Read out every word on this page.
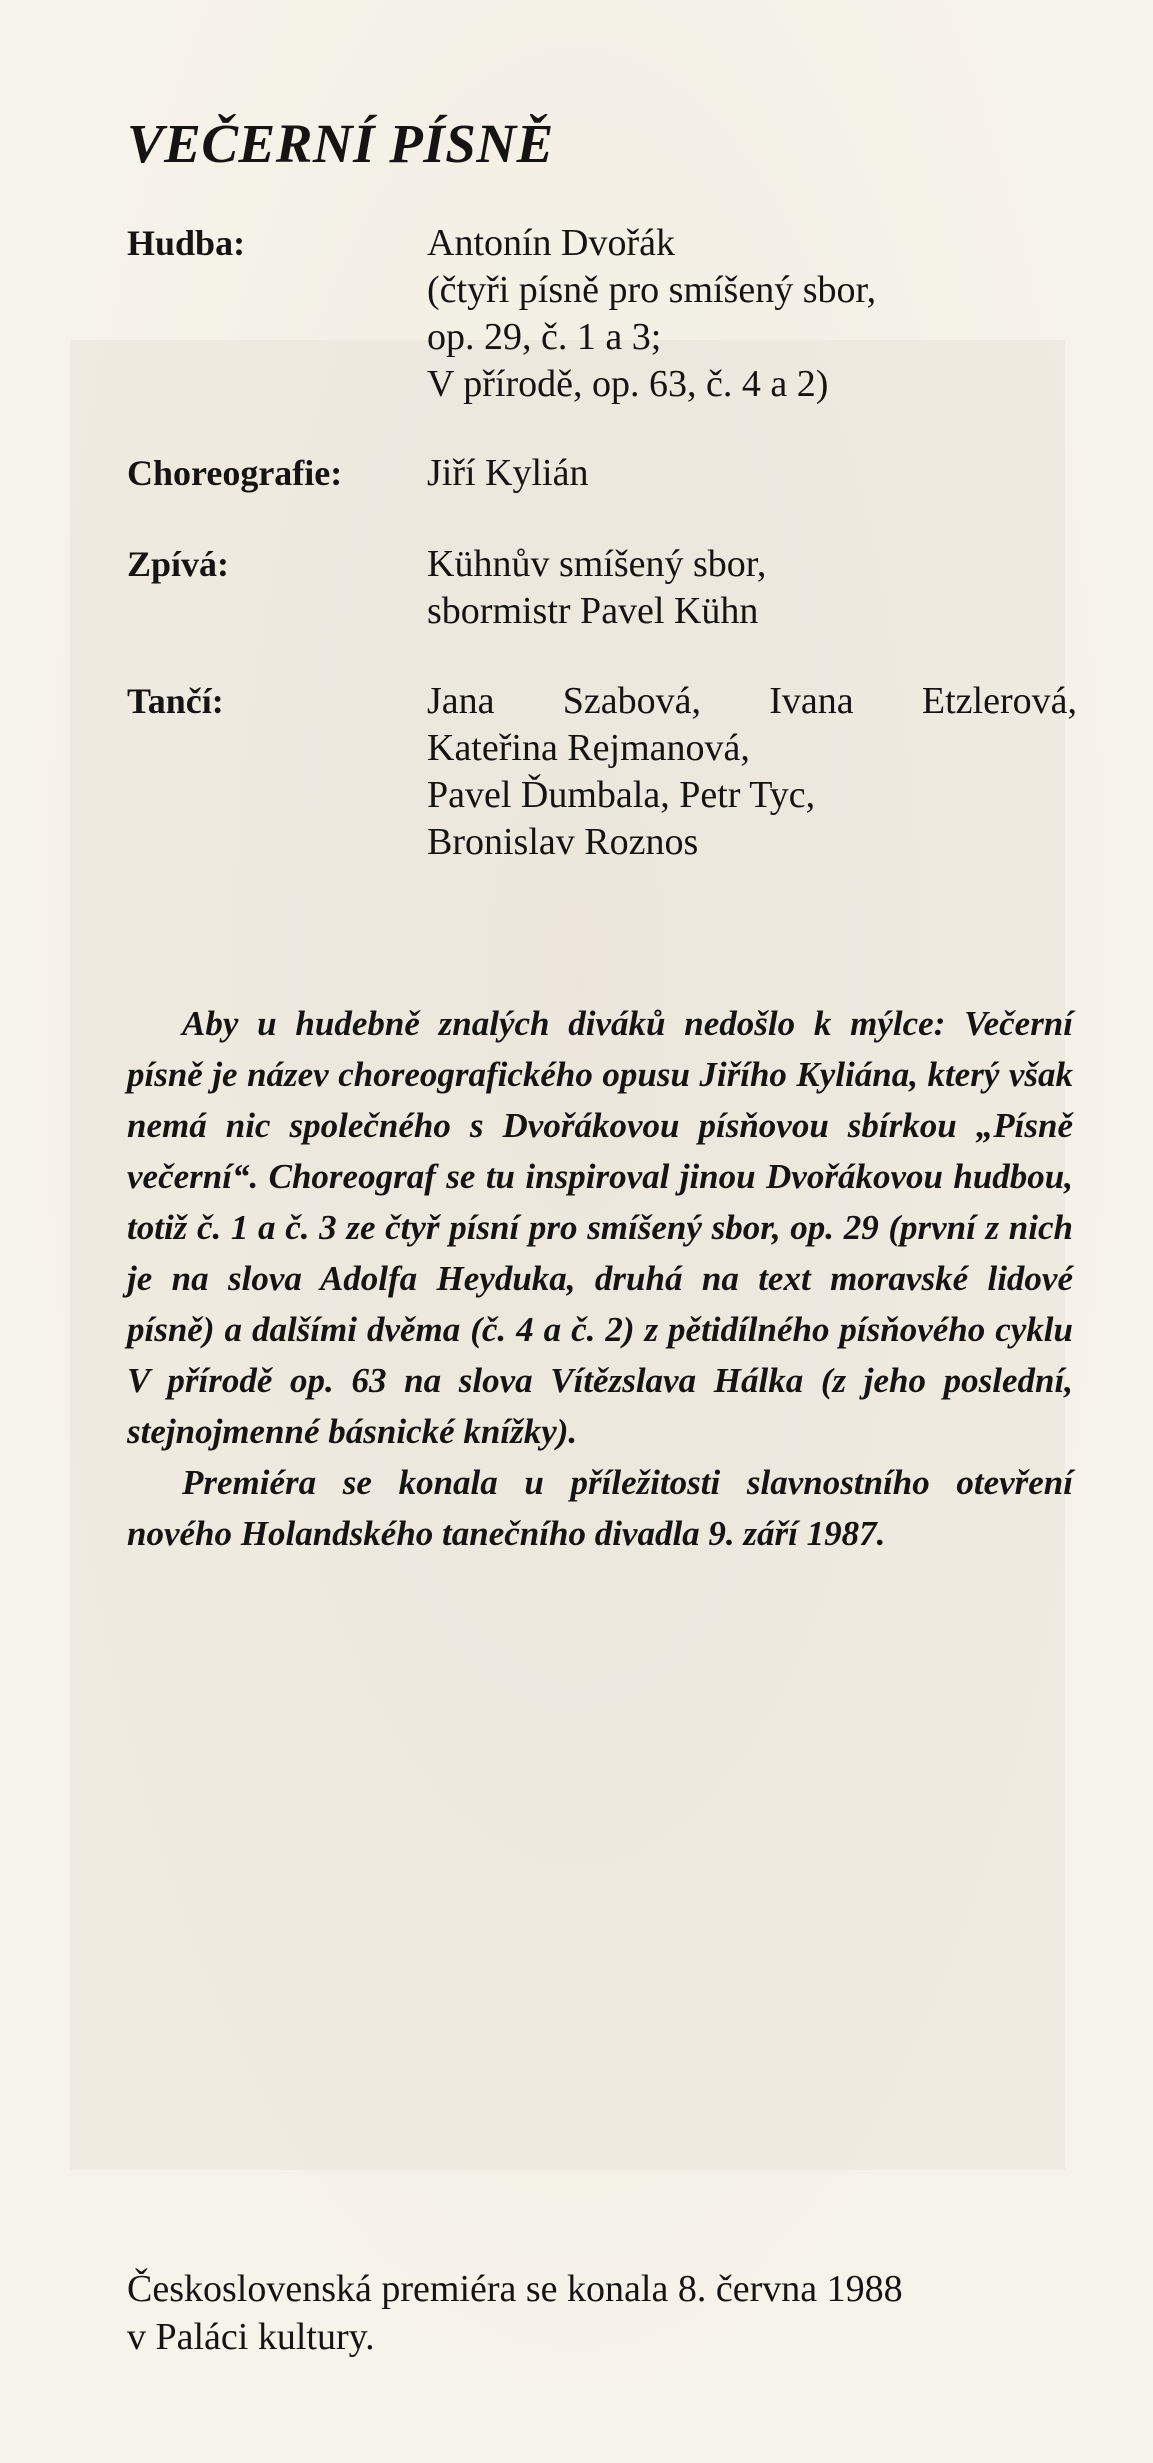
VEČERNÍ PÍSNĚ
Hudba:	Antonín Dvořák
(čtyři písně pro smíšený sbor,
op. 29, č. 1 a 3;
V přírodě, op. 63, č. 4 a 2)
Choreografie: Jiří Kylián
Zpívá:	Kühnův smíšený sbor,
sbormistr Pavel Kühn
Tančí:	Jana Szabová, Ivana Etzlerová,
Kateřina Rejmanová,
Pavel Ďumbala, Petr Tyc,
Bronislav Roznos

Aby u hudebně znalých diváků nedošlo k mýlce: Večerní písně je název choreografického opusu Jiřího Kyliána, který však nemá nic společného s Dvořákovou písňovou sbírkou „Písně večerní“. Choreograf se tu inspiroval jinou Dvořákovou hudbou, totiž č. 1 a č. 3 ze čtyř písní pro smíšený sbor, op. 29 (první z nich je na slova Adolfa Heyduka, druhá na text moravské lidové písně) a dalšími dvěma (č. 4 a č. 2) z pětidílného písňového cyklu V přírodě op. 63 na slova Vítězslava Hálka (z jeho poslední, stejnojmenné básnické knížky).

Premiéra se konala u příležitosti slavnostního otevření nového Holandského tanečního divadla 9. září 1987.

Československá premiéra se konala 8. června 1988
v Paláci kultury.
